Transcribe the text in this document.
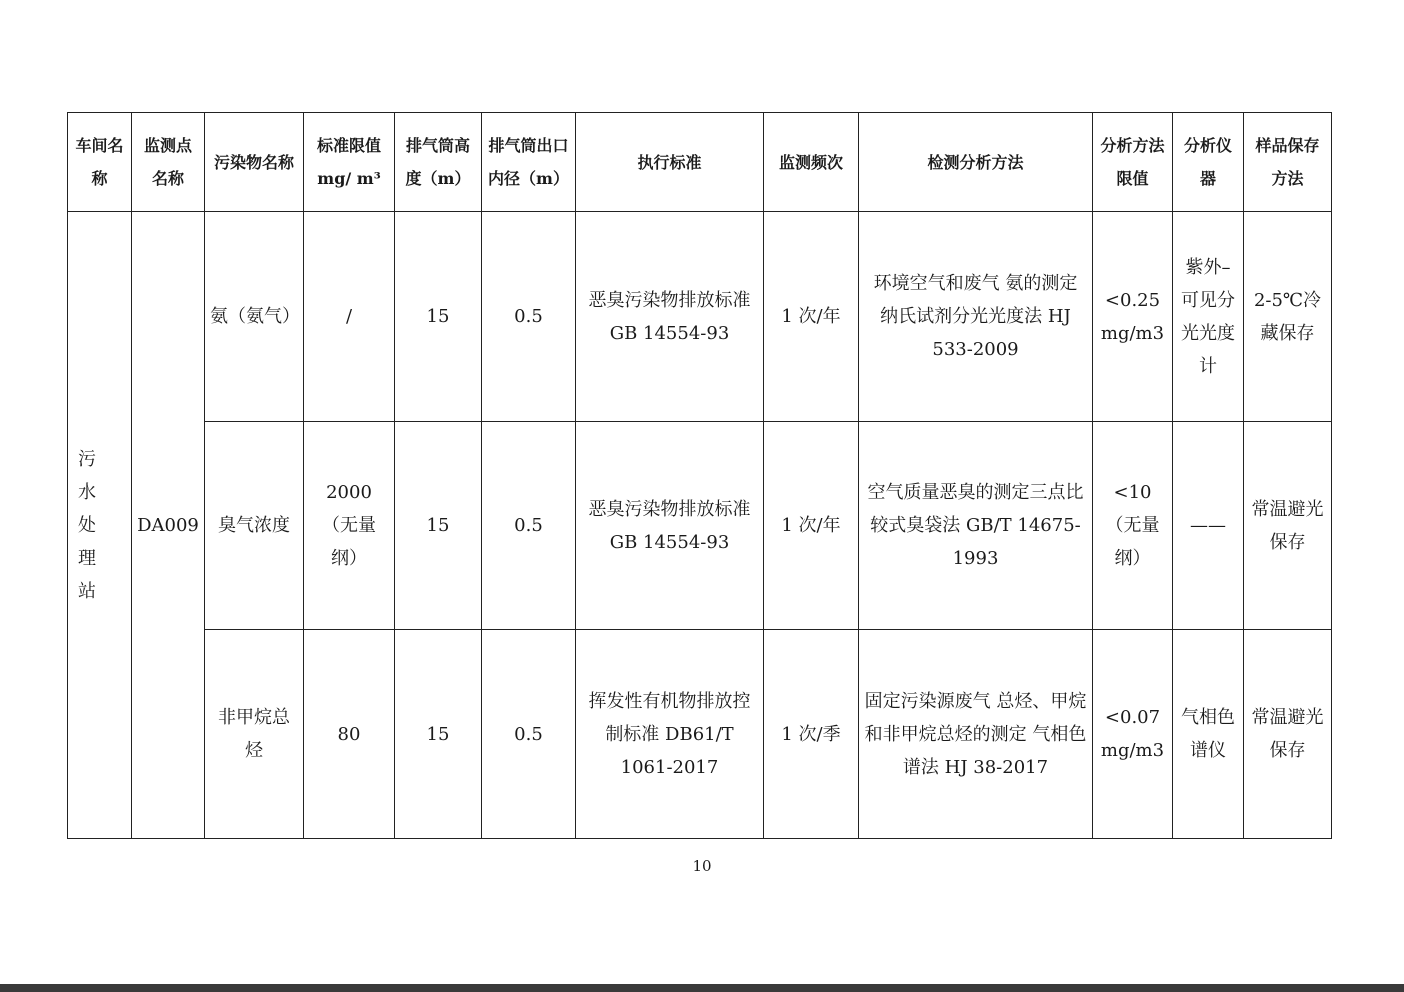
车间名称	监测点名称	污染物名称	标准限值mg/ m³	排气筒高度（m）	排气筒出口内径（m）	执行标准	监测频次	检测分析方法	分析方法限值	分析仪器	样品保存方法
污水处理站	DA009	氨（氨气）	/	15	0.5	恶臭污染物排放标准 GB 14554-93	1 次/年	环境空气和废气 氨的测定 纳氏试剂分光光度法 HJ 533-2009	<0.25mg/m3	紫外–可见分光光度计	2-5℃冷藏保存
		臭气浓度	2000（无量纲）	15	0.5	恶臭污染物排放标准 GB 14554-93	1 次/年	空气质量恶臭的测定三点比较式臭袋法 GB/T 14675-1993	<10（无量纲）	——	常温避光保存
		非甲烷总烃	80	15	0.5	挥发性有机物排放控制标准 DB61/T 1061-2017	1 次/季	固定污染源废气 总烃、甲烷和非甲烷总烃的测定 气相色谱法 HJ 38-2017	<0.07mg/m3	气相色谱仪	常温避光保存
10
